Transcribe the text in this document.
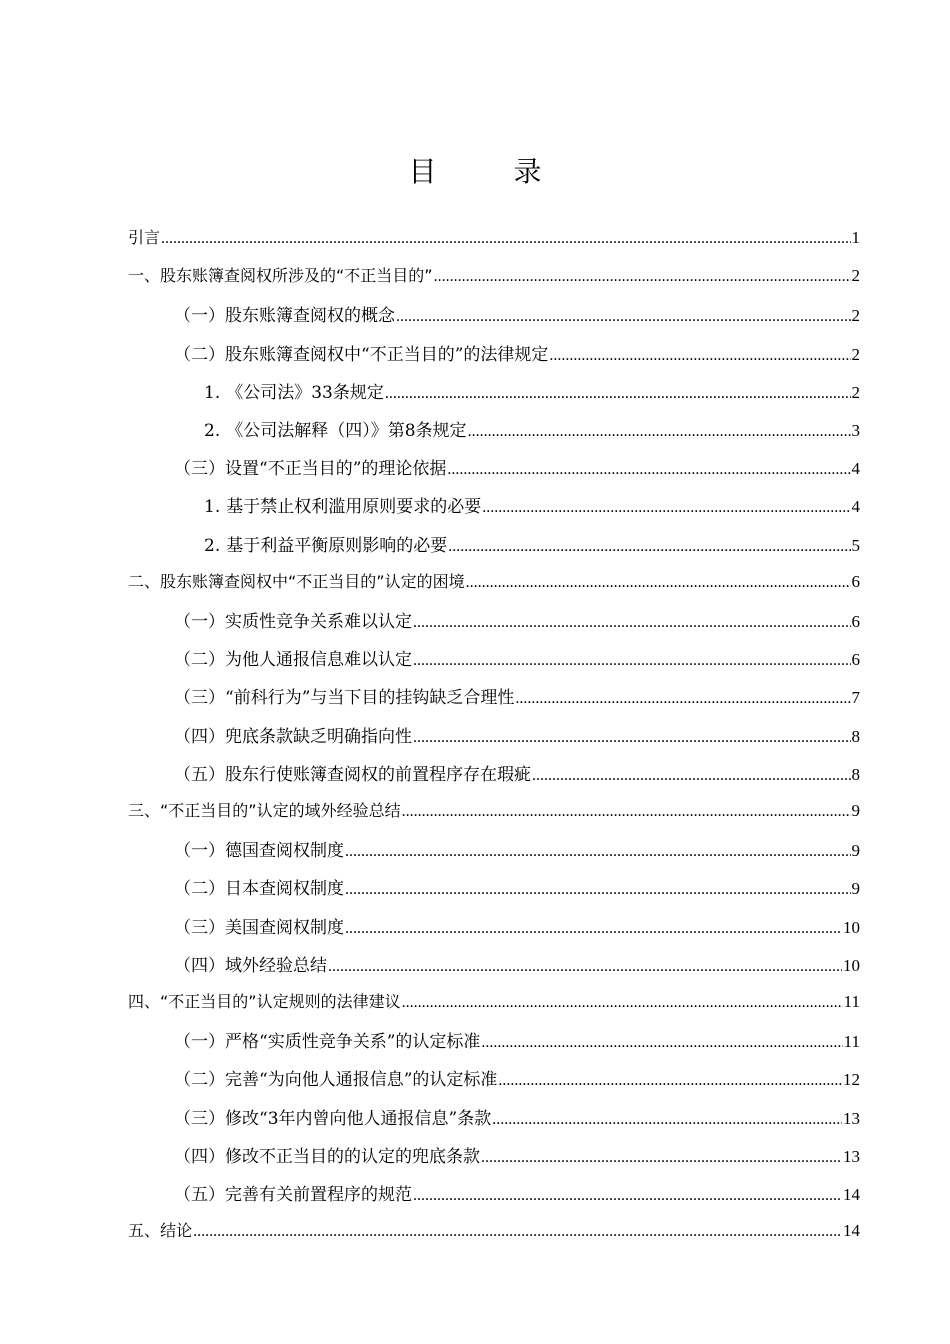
目 录
引言 .....	1
一、 股东账簿查阅权所涉及的“不正当目的” .....	2
（一） 股东账簿查阅权的概念 .....	2
（二） 股东账簿查阅权中“不正当目的”的法律规定 .....	2
1. 《公司法》33条规定 .....	2
2. 《公司法解释（四）》第8条规定 .....	3
（三） 设置“不正当目的”的理论依据 .....	4
1. 基于禁止权利滥用原则要求的必要 .....	4
2. 基于利益平衡原则影响的必要 .....	5
二、 股东账簿查阅权中“不正当目的”认定的困境 .....	6
（一） 实质性竞争关系难以认定 .....	6
（二） 为他人通报信息难以认定 .....	6
（三） “前科行为”与当下目的挂钩缺乏合理性 .....	7
（四） 兜底条款缺乏明确指向性 .....	8
（五） 股东行使账簿查阅权的前置程序存在瑕疵 .....	8
三、 “不正当目的”认定的域外经验总结 .....	9
（一） 德国查阅权制度 .....	9
（二） 日本查阅权制度 .....	9
（三） 美国查阅权制度 .....	10
（四） 域外经验总结 .....	10
四、 “不正当目的”认定规则的法律建议 .....	11
（一） 严格“实质性竞争关系”的认定标准 .....	11
（二） 完善“为向他人通报信息”的认定标准 .....	12
（三） 修改“3年内曾向他人通报信息”条款 .....	13
（四） 修改不正当目的的认定的兜底条款 .....	13
（五） 完善有关前置程序的规范 .....	14
五、 结论 .....	14
